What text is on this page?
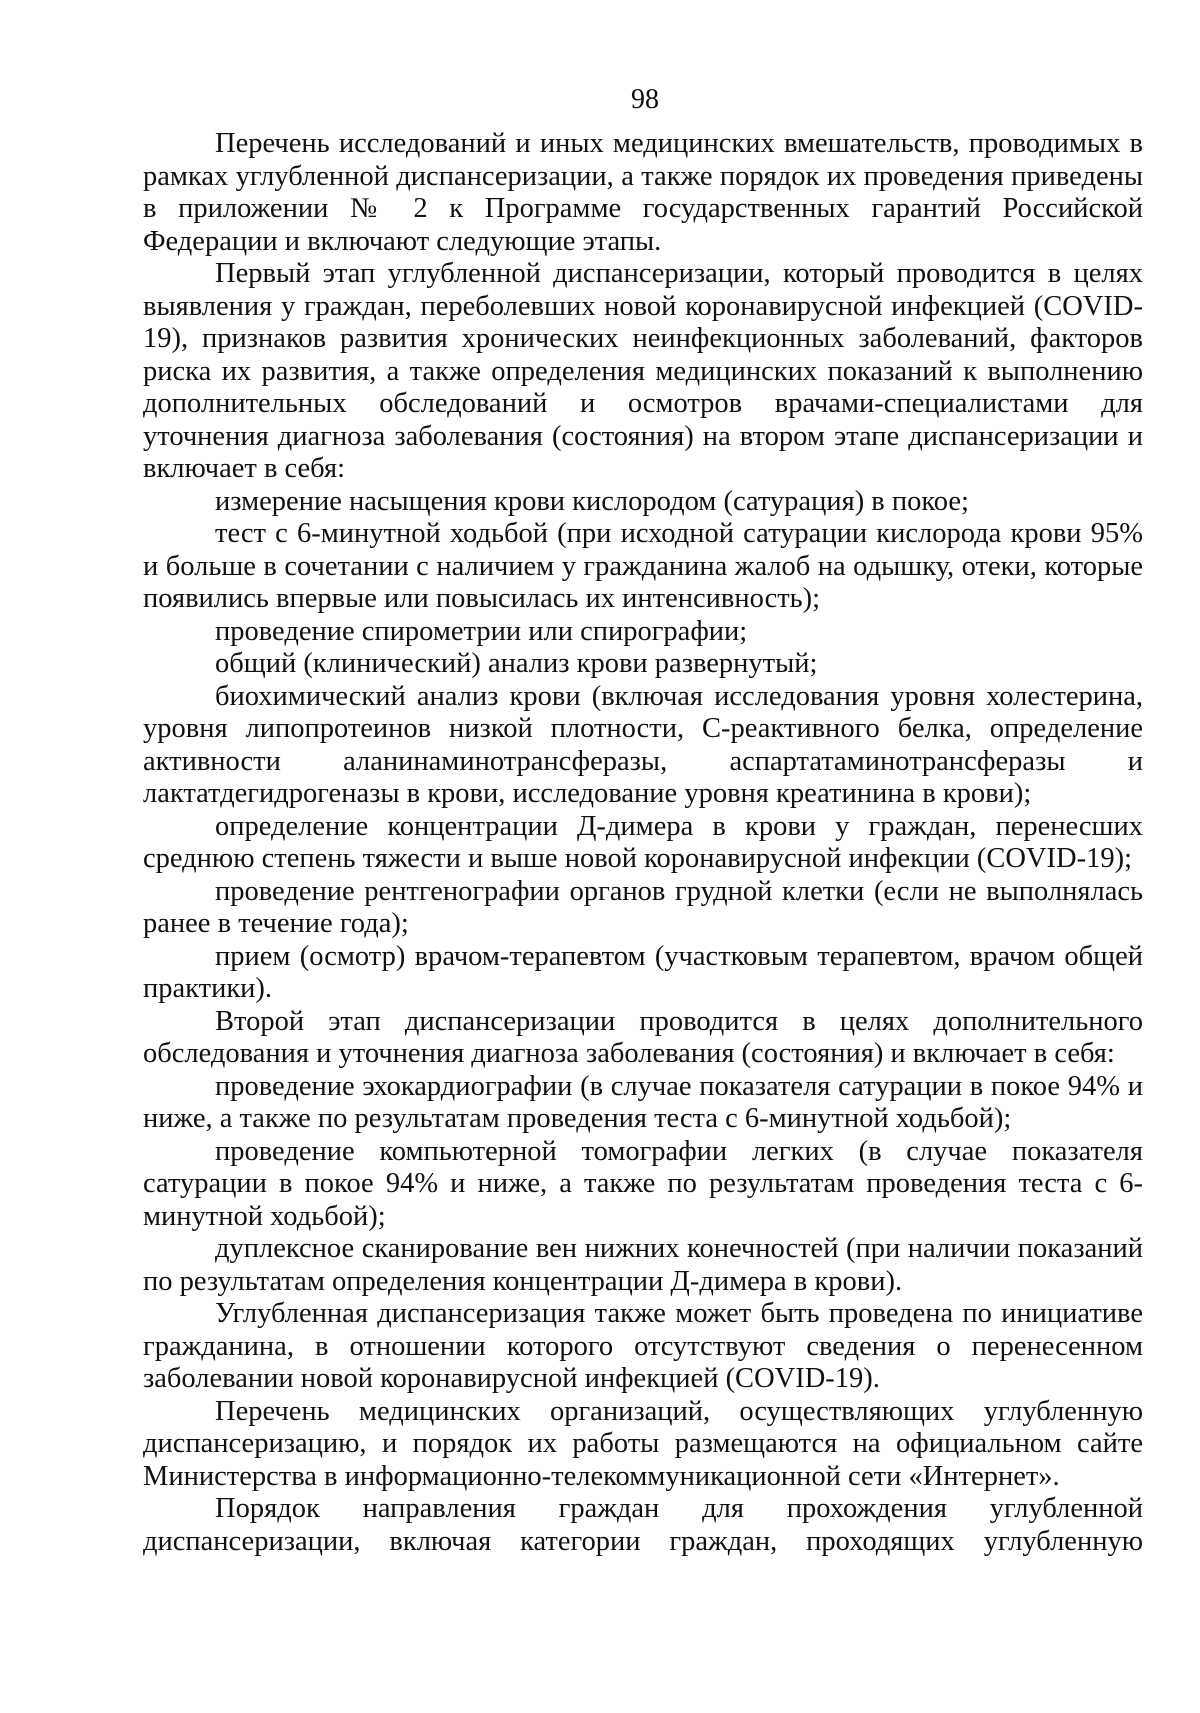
98

Перечень исследований и иных медицинских вмешательств, проводимых в рамках углубленной диспансеризации, а также порядок их проведения приведены в приложении № 2 к Программе государственных гарантий Российской Федерации и включают следующие этапы.

Первый этап углубленной диспансеризации, который проводится в целях выявления у граждан, переболевших новой коронавирусной инфекцией (COVID-19), признаков развития хронических неинфекционных заболеваний, факторов риска их развития, а также определения медицинских показаний к выполнению дополнительных обследований и осмотров врачами-специалистами для уточнения диагноза заболевания (состояния) на втором этапе диспансеризации и включает в себя:

измерение насыщения крови кислородом (сатурация) в покое;

тест с 6-минутной ходьбой (при исходной сатурации кислорода крови 95% и больше в сочетании с наличием у гражданина жалоб на одышку, отеки, которые появились впервые или повысилась их интенсивность);

проведение спирометрии или спирографии;

общий (клинический) анализ крови развернутый;

биохимический анализ крови (включая исследования уровня холестерина, уровня липопротеинов низкой плотности, С-реактивного белка, определение активности аланинаминотрансферазы, аспартатаминотрансферазы и лактатдегидрогеназы в крови, исследование уровня креатинина в крови);

определение концентрации Д-димера в крови у граждан, перенесших среднюю степень тяжести и выше новой коронавирусной инфекции (COVID-19);

проведение рентгенографии органов грудной клетки (если не выполнялась ранее в течение года);

прием (осмотр) врачом-терапевтом (участковым терапевтом, врачом общей практики).

Второй этап диспансеризации проводится в целях дополнительного обследования и уточнения диагноза заболевания (состояния) и включает в себя:

проведение эхокардиографии (в случае показателя сатурации в покое 94% и ниже, а также по результатам проведения теста с 6-минутной ходьбой);

проведение компьютерной томографии легких (в случае показателя сатурации в покое 94% и ниже, а также по результатам проведения теста с 6-минутной ходьбой);

дуплексное сканирование вен нижних конечностей (при наличии показаний по результатам определения концентрации Д-димера в крови).

Углубленная диспансеризация также может быть проведена по инициативе гражданина, в отношении которого отсутствуют сведения о перенесенном заболевании новой коронавирусной инфекцией (COVID-19).

Перечень медицинских организаций, осуществляющих углубленную диспансеризацию, и порядок их работы размещаются на официальном сайте Министерства в информационно-телекоммуникационной сети «Интернет».

Порядок направления граждан для прохождения углубленной диспансеризации, включая категории граждан, проходящих углубленную
